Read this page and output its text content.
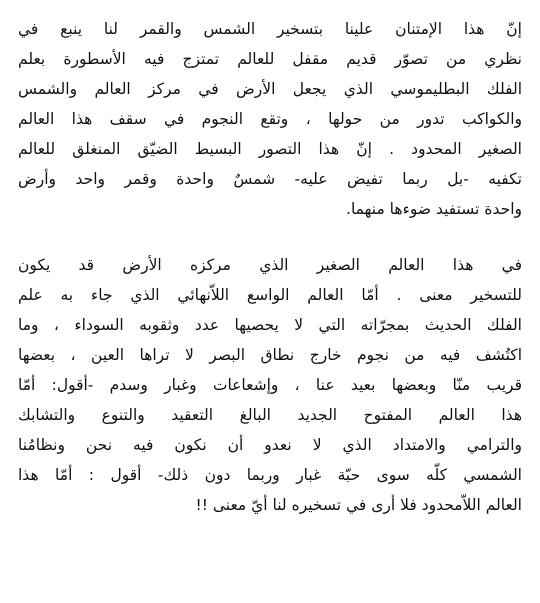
إنّ هذا الإمتنان علينا بتسخير الشمس والقمر لنا ينبع في
نظري من تصوّر قديم مقفل للعالم تمتزج فيه الأسطورة بعلم
الفلك البطليموسي الذي يجعل الأرض في مركز العالم والشمس
والكواكب تدور من حولها ، وتقع النجوم في سقف هذا العالم
الصغير المحدود . إنّ هذا التصور البسيط الضيّق المنغلق للعالم
تكفيه -بل ربما تفيض عليه- شمسٌ واحدة وقمر واحد وأرض
واحدة تستفيد ضوءها منهما.
في هذا العالم الصغير الذي مركزه الأرض قد يكون
للتسخير معنى . أمّا العالم الواسع اللاّنهائي الذي جاء به علم
الفلك الحديث بمجرّاته التي لا يحصيها عدد وثقوبه السوداء ، وما
اكتُشف فيه من نجوم خارج نطاق البصر لا تراها العين ، بعضها
قريب منّا وبعضها بعيد عنا ، وإشعاعات وغبار وسدم -أقول: أمّا
هذا العالم المفتوح الجديد البالغ التعقيد والتنوع والتشابك
والترامي والامتداد الذي لا نعدو أن نكون فيه نحن ونظامُنا
الشمسي كلّه سوى حبّة غبار وربما دون ذلك- أقول : أمّا هذا
العالم اللاّمحدود فلا أرى في تسخيره لنا أيّ معنى !!
